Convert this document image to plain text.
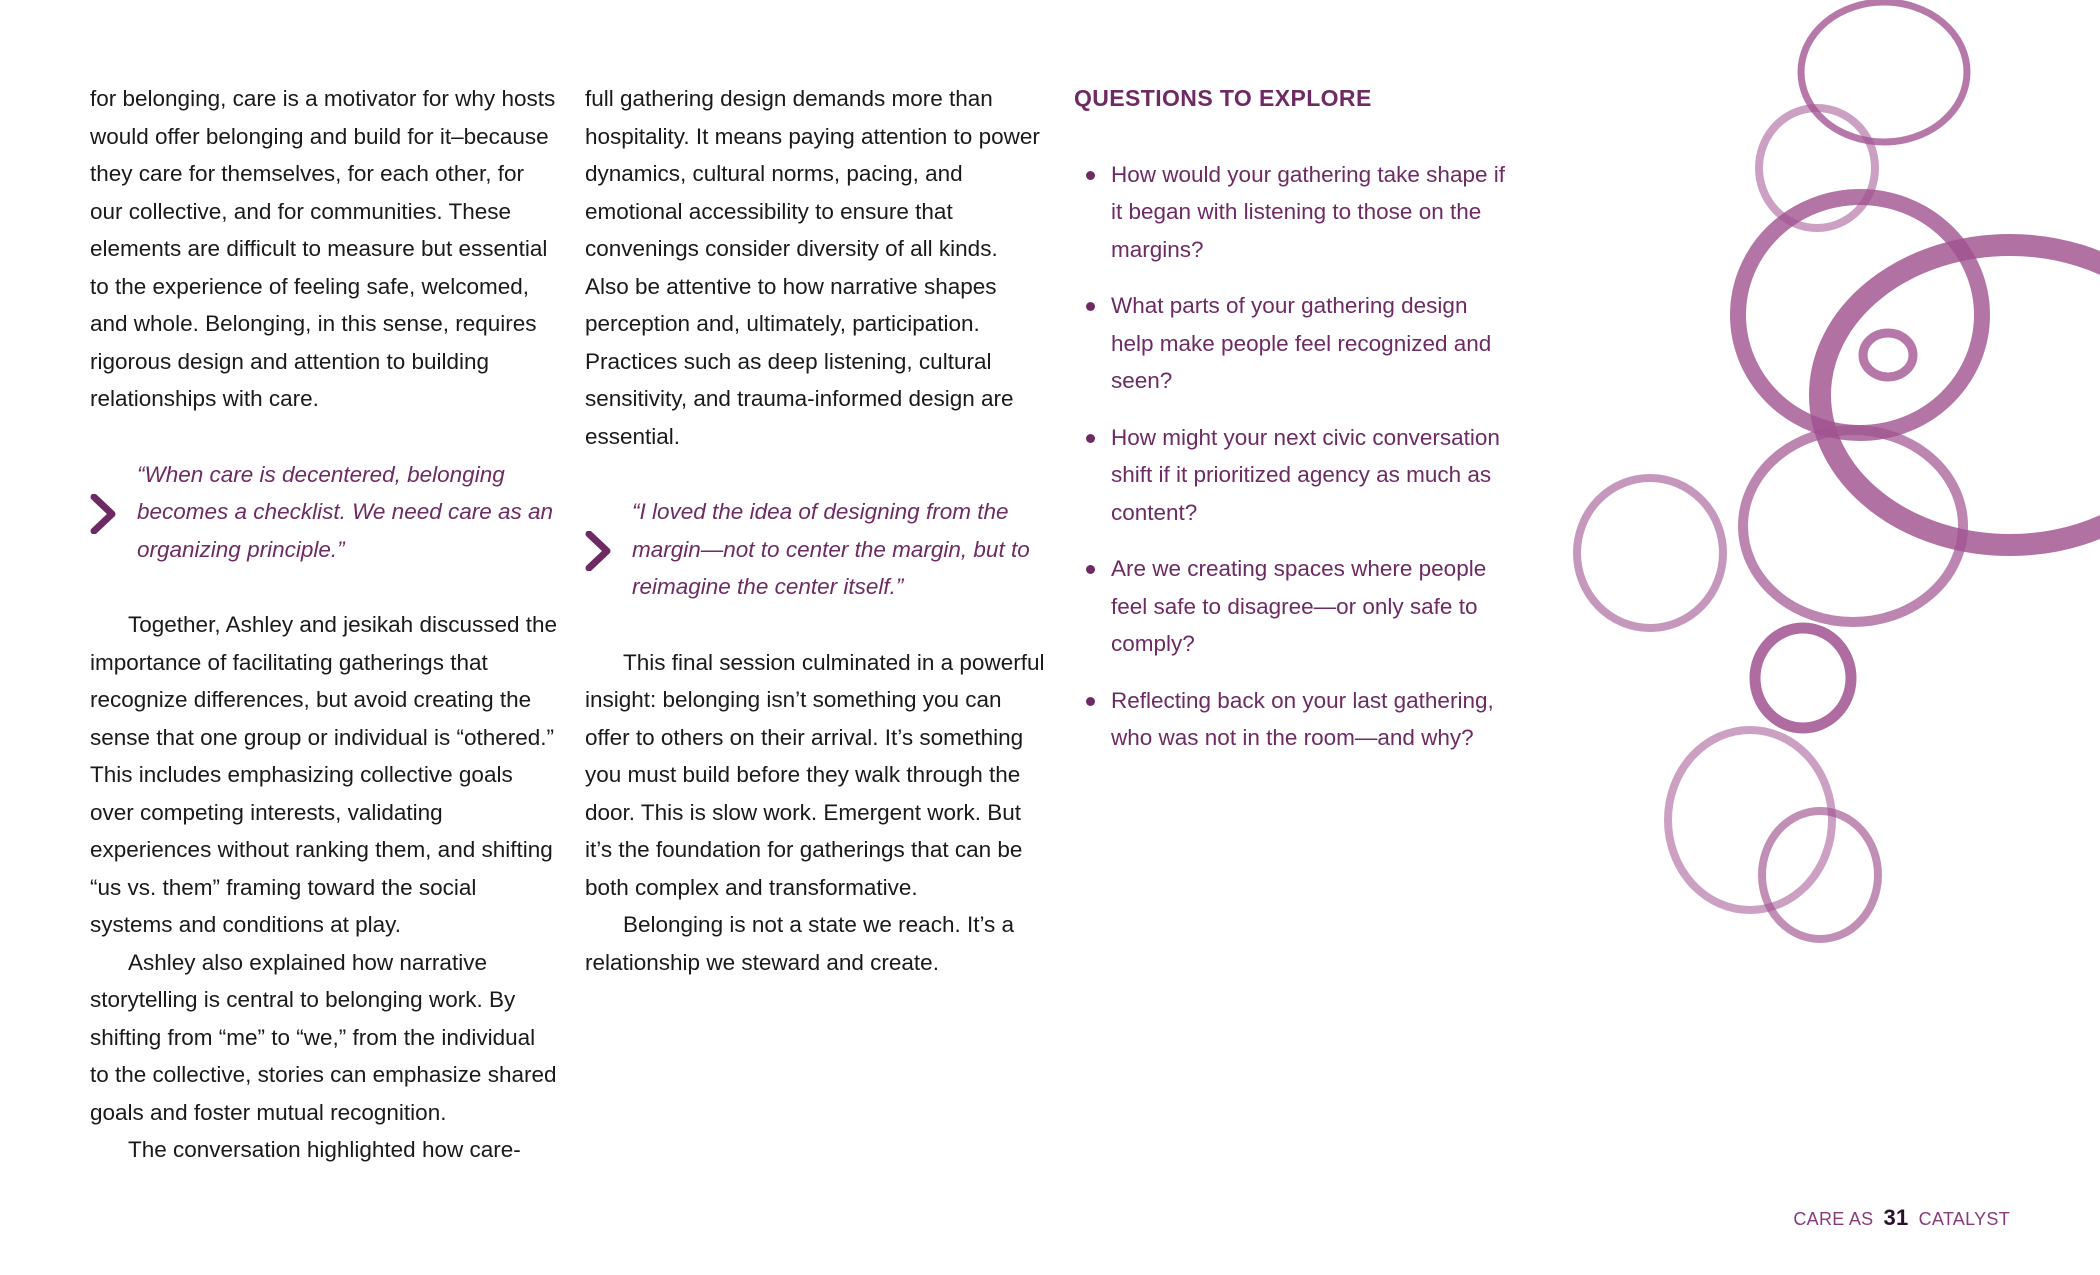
for belonging, care is a motivator for why hosts would offer belonging and build for it–because they care for themselves, for each other, for our collective, and for communities. These elements are difficult to measure but essential to the experience of feeling safe, welcomed, and whole. Belonging, in this sense, requires rigorous design and attention to building relationships with care.

“When care is decentered, belonging becomes a checklist. We need care as an organizing principle.”

Together, Ashley and jesikah discussed the importance of facilitating gatherings that recognize differences, but avoid creating the sense that one group or individual is “othered.” This includes emphasizing collective goals over competing interests, validating experiences without ranking them, and shifting “us vs. them” framing toward the social systems and conditions at play.

Ashley also explained how narrative storytelling is central to belonging work. By shifting from “me” to “we,” from the individual to the collective, stories can emphasize shared goals and foster mutual recognition.

The conversation highlighted how care-

full gathering design demands more than hospitality. It means paying attention to power dynamics, cultural norms, pacing, and emotional accessibility to ensure that convenings consider diversity of all kinds. Also be attentive to how narrative shapes perception and, ultimately, participation. Practices such as deep listening, cultural sensitivity, and trauma-informed design are essential.

“I loved the idea of designing from the margin—not to center the margin, but to reimagine the center itself.”

This final session culminated in a powerful insight: belonging isn’t something you can offer to others on their arrival. It’s something you must build before they walk through the door. This is slow work. Emergent work. But it’s the foundation for gatherings that can be both complex and transformative.

Belonging is not a state we reach. It’s a relationship we steward and create.

QUESTIONS TO EXPLORE
How would your gathering take shape if it began with listening to those on the margins?
What parts of your gathering design help make people feel recognized and seen?
How might your next civic conversation shift if it prioritized agency as much as content?
Are we creating spaces where people feel safe to disagree—or only safe to comply?
Reflecting back on your last gathering, who was not in the room—and why?
CARE AS 31 CATALYST
